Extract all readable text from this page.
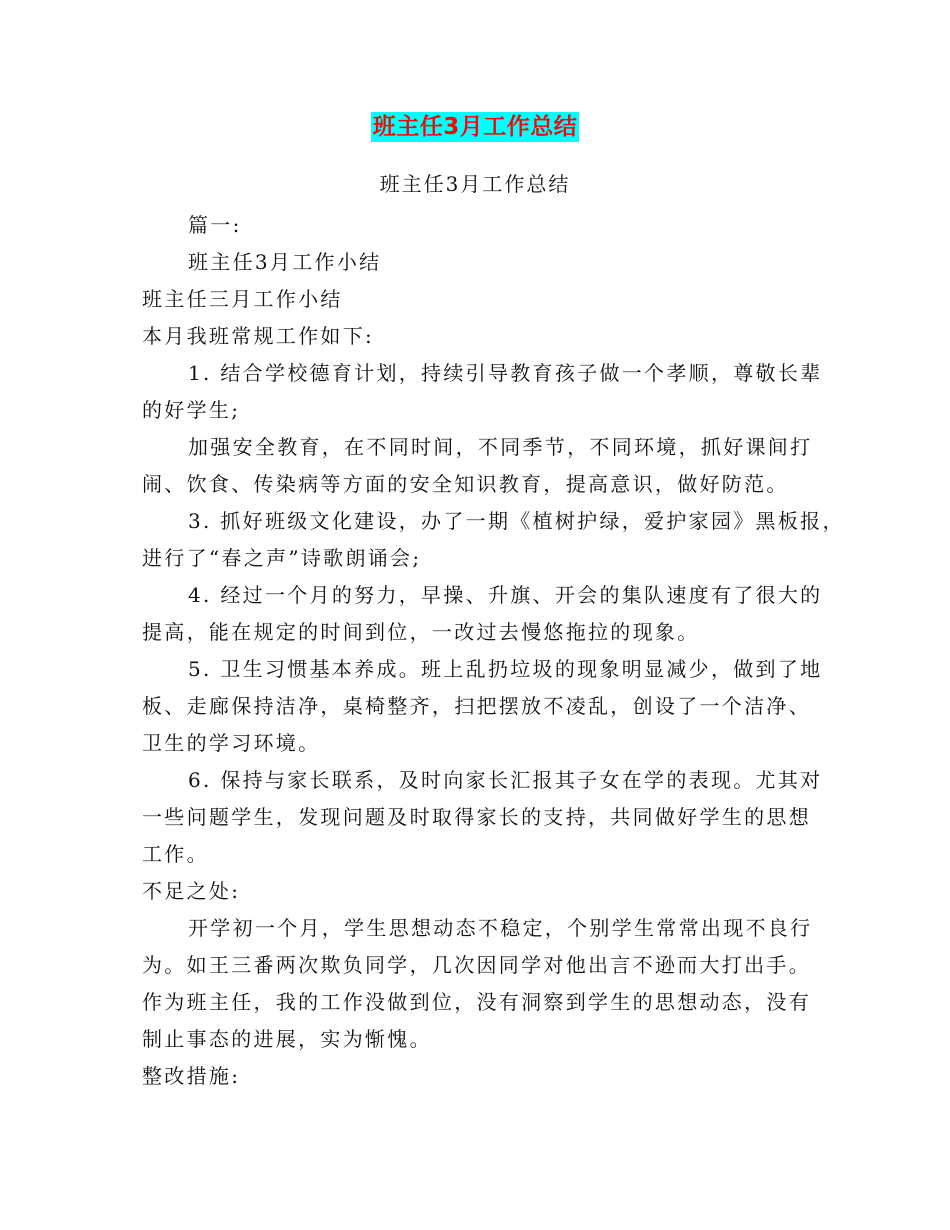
班主任3月工作总结
班主任3月工作总结
篇一:
班主任3月工作小结
班主任三月工作小结
本月我班常规工作如下:
1. 结合学校德育计划，持续引导教育孩子做一个孝顺，尊敬长辈
的好学生;
加强安全教育，在不同时间，不同季节，不同环境，抓好课间打
闹、饮食、传染病等方面的安全知识教育，提高意识，做好防范。
3. 抓好班级文化建设，办了一期《植树护绿，爱护家园》黑板报，
进行了“春之声”诗歌朗诵会;
4. 经过一个月的努力，早操、升旗、开会的集队速度有了很大的
提高，能在规定的时间到位，一改过去慢悠拖拉的现象。
5. 卫生习惯基本养成。班上乱扔垃圾的现象明显减少，做到了地
板、走廊保持洁净，桌椅整齐，扫把摆放不凌乱，创设了一个洁净、
卫生的学习环境。
6. 保持与家长联系，及时向家长汇报其子女在学的表现。尤其对
一些问题学生，发现问题及时取得家长的支持，共同做好学生的思想
工作。
不足之处:
开学初一个月，学生思想动态不稳定，个别学生常常出现不良行
为。如王三番两次欺负同学，几次因同学对他出言不逊而大打出手。
作为班主任，我的工作没做到位，没有洞察到学生的思想动态，没有
制止事态的进展，实为惭愧。
整改措施:
